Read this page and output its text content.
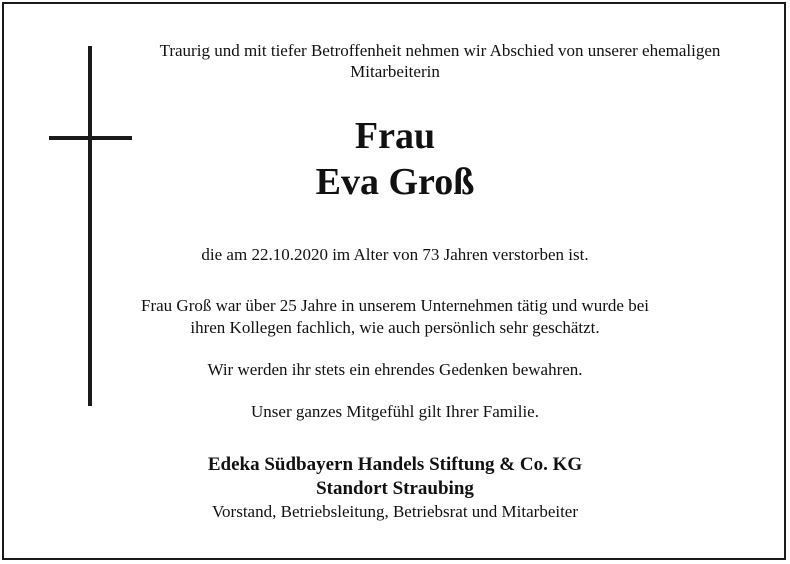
Traurig und mit tiefer Betroffenheit nehmen wir Abschied von unserer ehemaligen
Mitarbeiterin
Frau
Eva Groß
die am 22.10.2020 im Alter von 73 Jahren verstorben ist.
Frau Groß war über 25 Jahre in unserem Unternehmen tätig und wurde bei
ihren Kollegen fachlich, wie auch persönlich sehr geschätzt.
Wir werden ihr stets ein ehrendes Gedenken bewahren.
Unser ganzes Mitgefühl gilt Ihrer Familie.
Edeka Südbayern Handels Stiftung & Co. KG
Standort Straubing
Vorstand, Betriebsleitung, Betriebsrat und Mitarbeiter
